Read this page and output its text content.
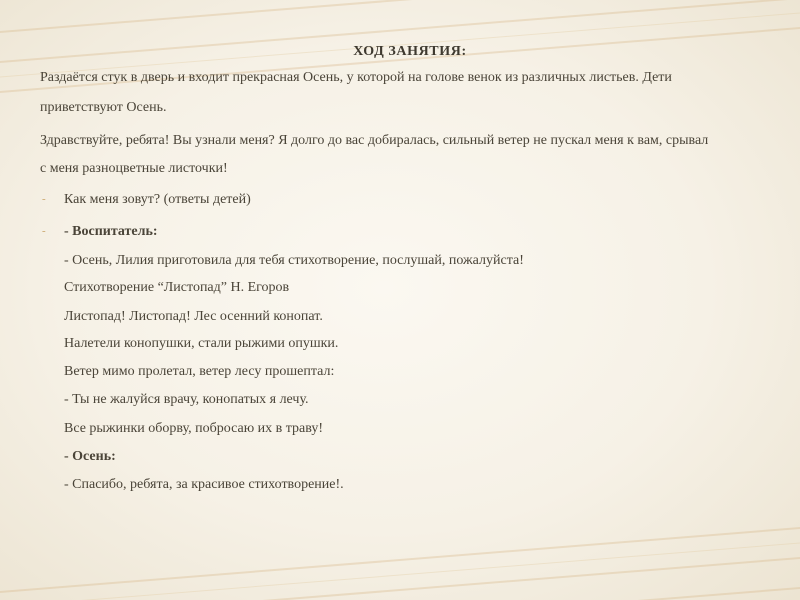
ХОД ЗАНЯТИЯ:
Раздаётся стук в дверь и входит прекрасная Осень, у которой на голове венок из различных листьев. Дети
приветствуют Осень.
Здравствуйте, ребята! Вы узнали меня? Я долго до вас добиралась, сильный ветер не пускал меня к вам, срывал
с меня разноцветные листочки!
- Как меня зовут? (ответы детей)
- - Воспитатель:
- Осень, Лилия приготовила для тебя стихотворение, послушай, пожалуйста!
Стихотворение “Листопад” Н. Егоров
Листопад! Листопад! Лес осенний конопат.
Налетели конопушки, стали рыжими опушки.
Ветер мимо пролетал, ветер лесу прошептал:
- Ты не жалуйся врачу, конопатых я лечу.
Все рыжинки оборву, побросаю их в траву!
- Осень:
- Спасибо, ребята, за красивое стихотворение!.
